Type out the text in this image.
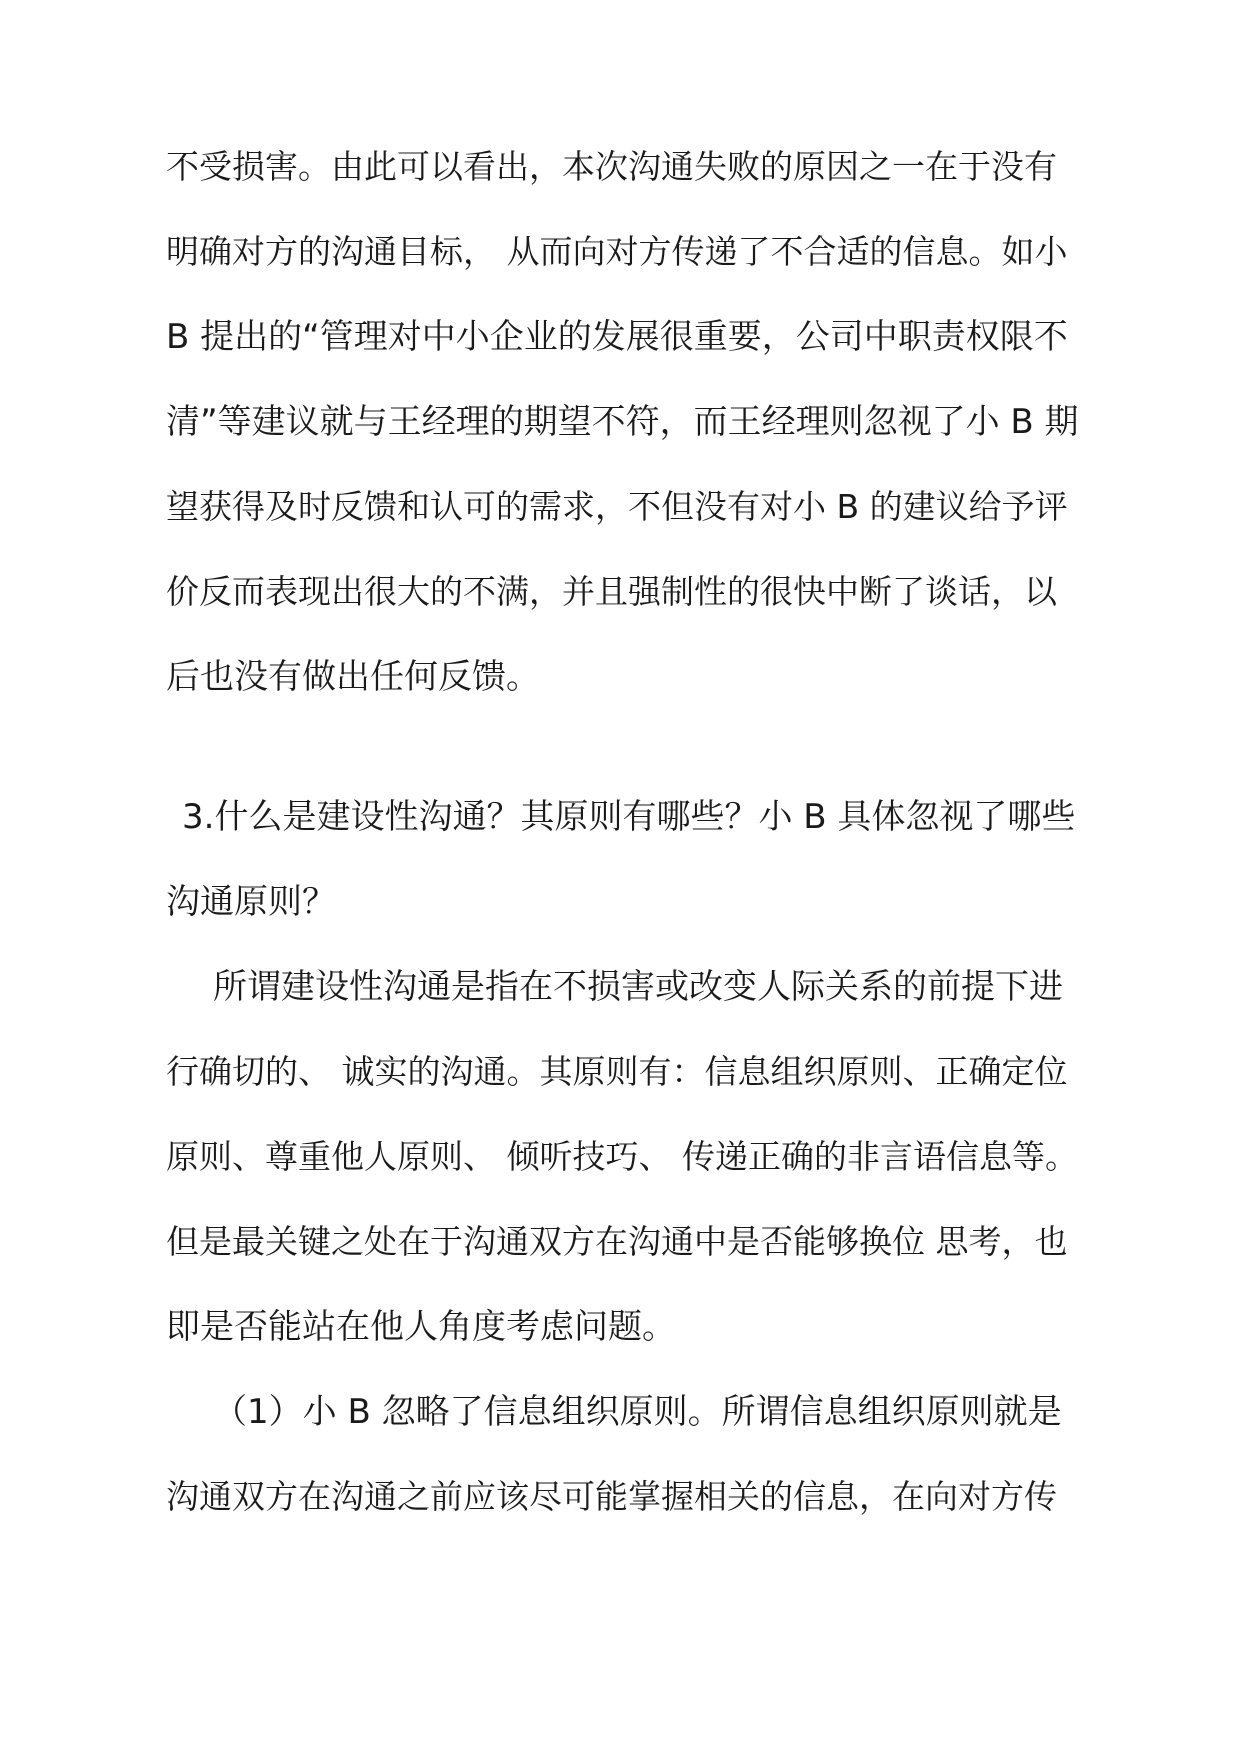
不受损害。由此可以看出，本次沟通失败的原因之一在于没有
明确对方的沟通目标， 从而向对方传递了不合适的信息。如小
B 提出的“管理对中小企业的发展很重要，公司中职责权限不
清”等建议就与王经理的期望不符，而王经理则忽视了小 B 期
望获得及时反馈和认可的需求，不但没有对小 B 的建议给予评
价反而表现出很大的不满，并且强制性的很快中断了谈话，以
后也没有做出任何反馈。
3.什么是建设性沟通？其原则有哪些？小 B 具体忽视了哪些
沟通原则？
所谓建设性沟通是指在不损害或改变人际关系的前提下进
行确切的、 诚实的沟通。其原则有：信息组织原则、正确定位
原则、尊重他人原则、 倾听技巧、 传递正确的非言语信息等。
但是最关键之处在于沟通双方在沟通中是否能够换位 思考，也
即是否能站在他人角度考虑问题。
（1）小 B 忽略了信息组织原则。所谓信息组织原则就是
沟通双方在沟通之前应该尽可能掌握相关的信息，在向对方传
